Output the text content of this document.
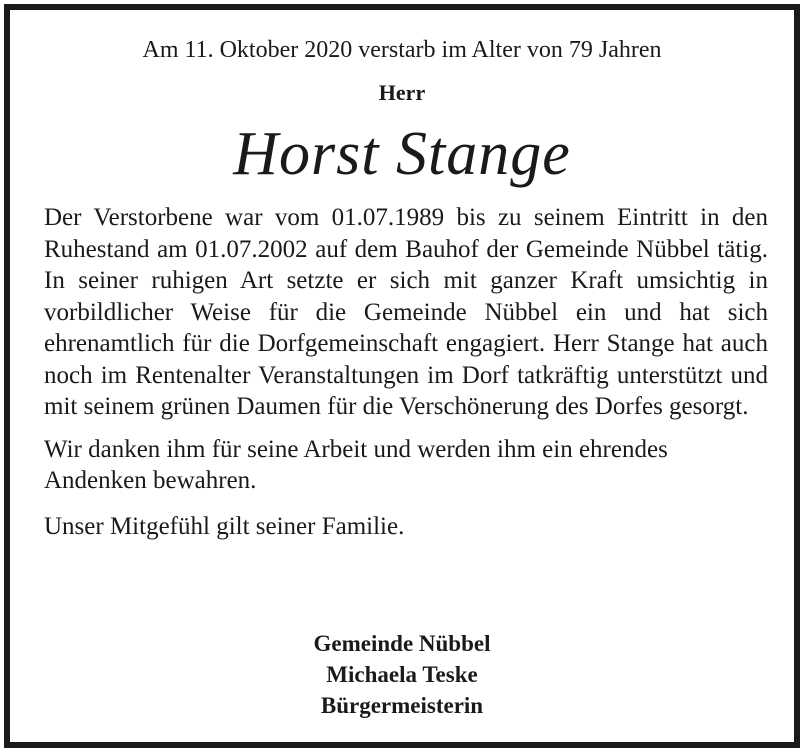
Am 11. Oktober 2020 verstarb im Alter von 79 Jahren
Herr
Horst Stange

Der Verstorbene war vom 01.07.1989 bis zu seinem Eintritt in den Ruhestand am 01.07.2002 auf dem Bauhof der Gemeinde Nübbel tätig. In seiner ruhigen Art setzte er sich mit ganzer Kraft umsichtig in vorbildlicher Weise für die Gemeinde Nübbel ein und hat sich ehrenamtlich für die Dorfgemeinschaft engagiert. Herr Stange hat auch noch im Rentenalter Veranstaltungen im Dorf tatkräftig unterstützt und mit seinem grünen Daumen für die Verschönerung des Dorfes gesorgt.

Wir danken ihm für seine Arbeit und werden ihm ein ehrendes Andenken bewahren.

Unser Mitgefühl gilt seiner Familie.

Gemeinde Nübbel
Michaela Teske
Bürgermeisterin
